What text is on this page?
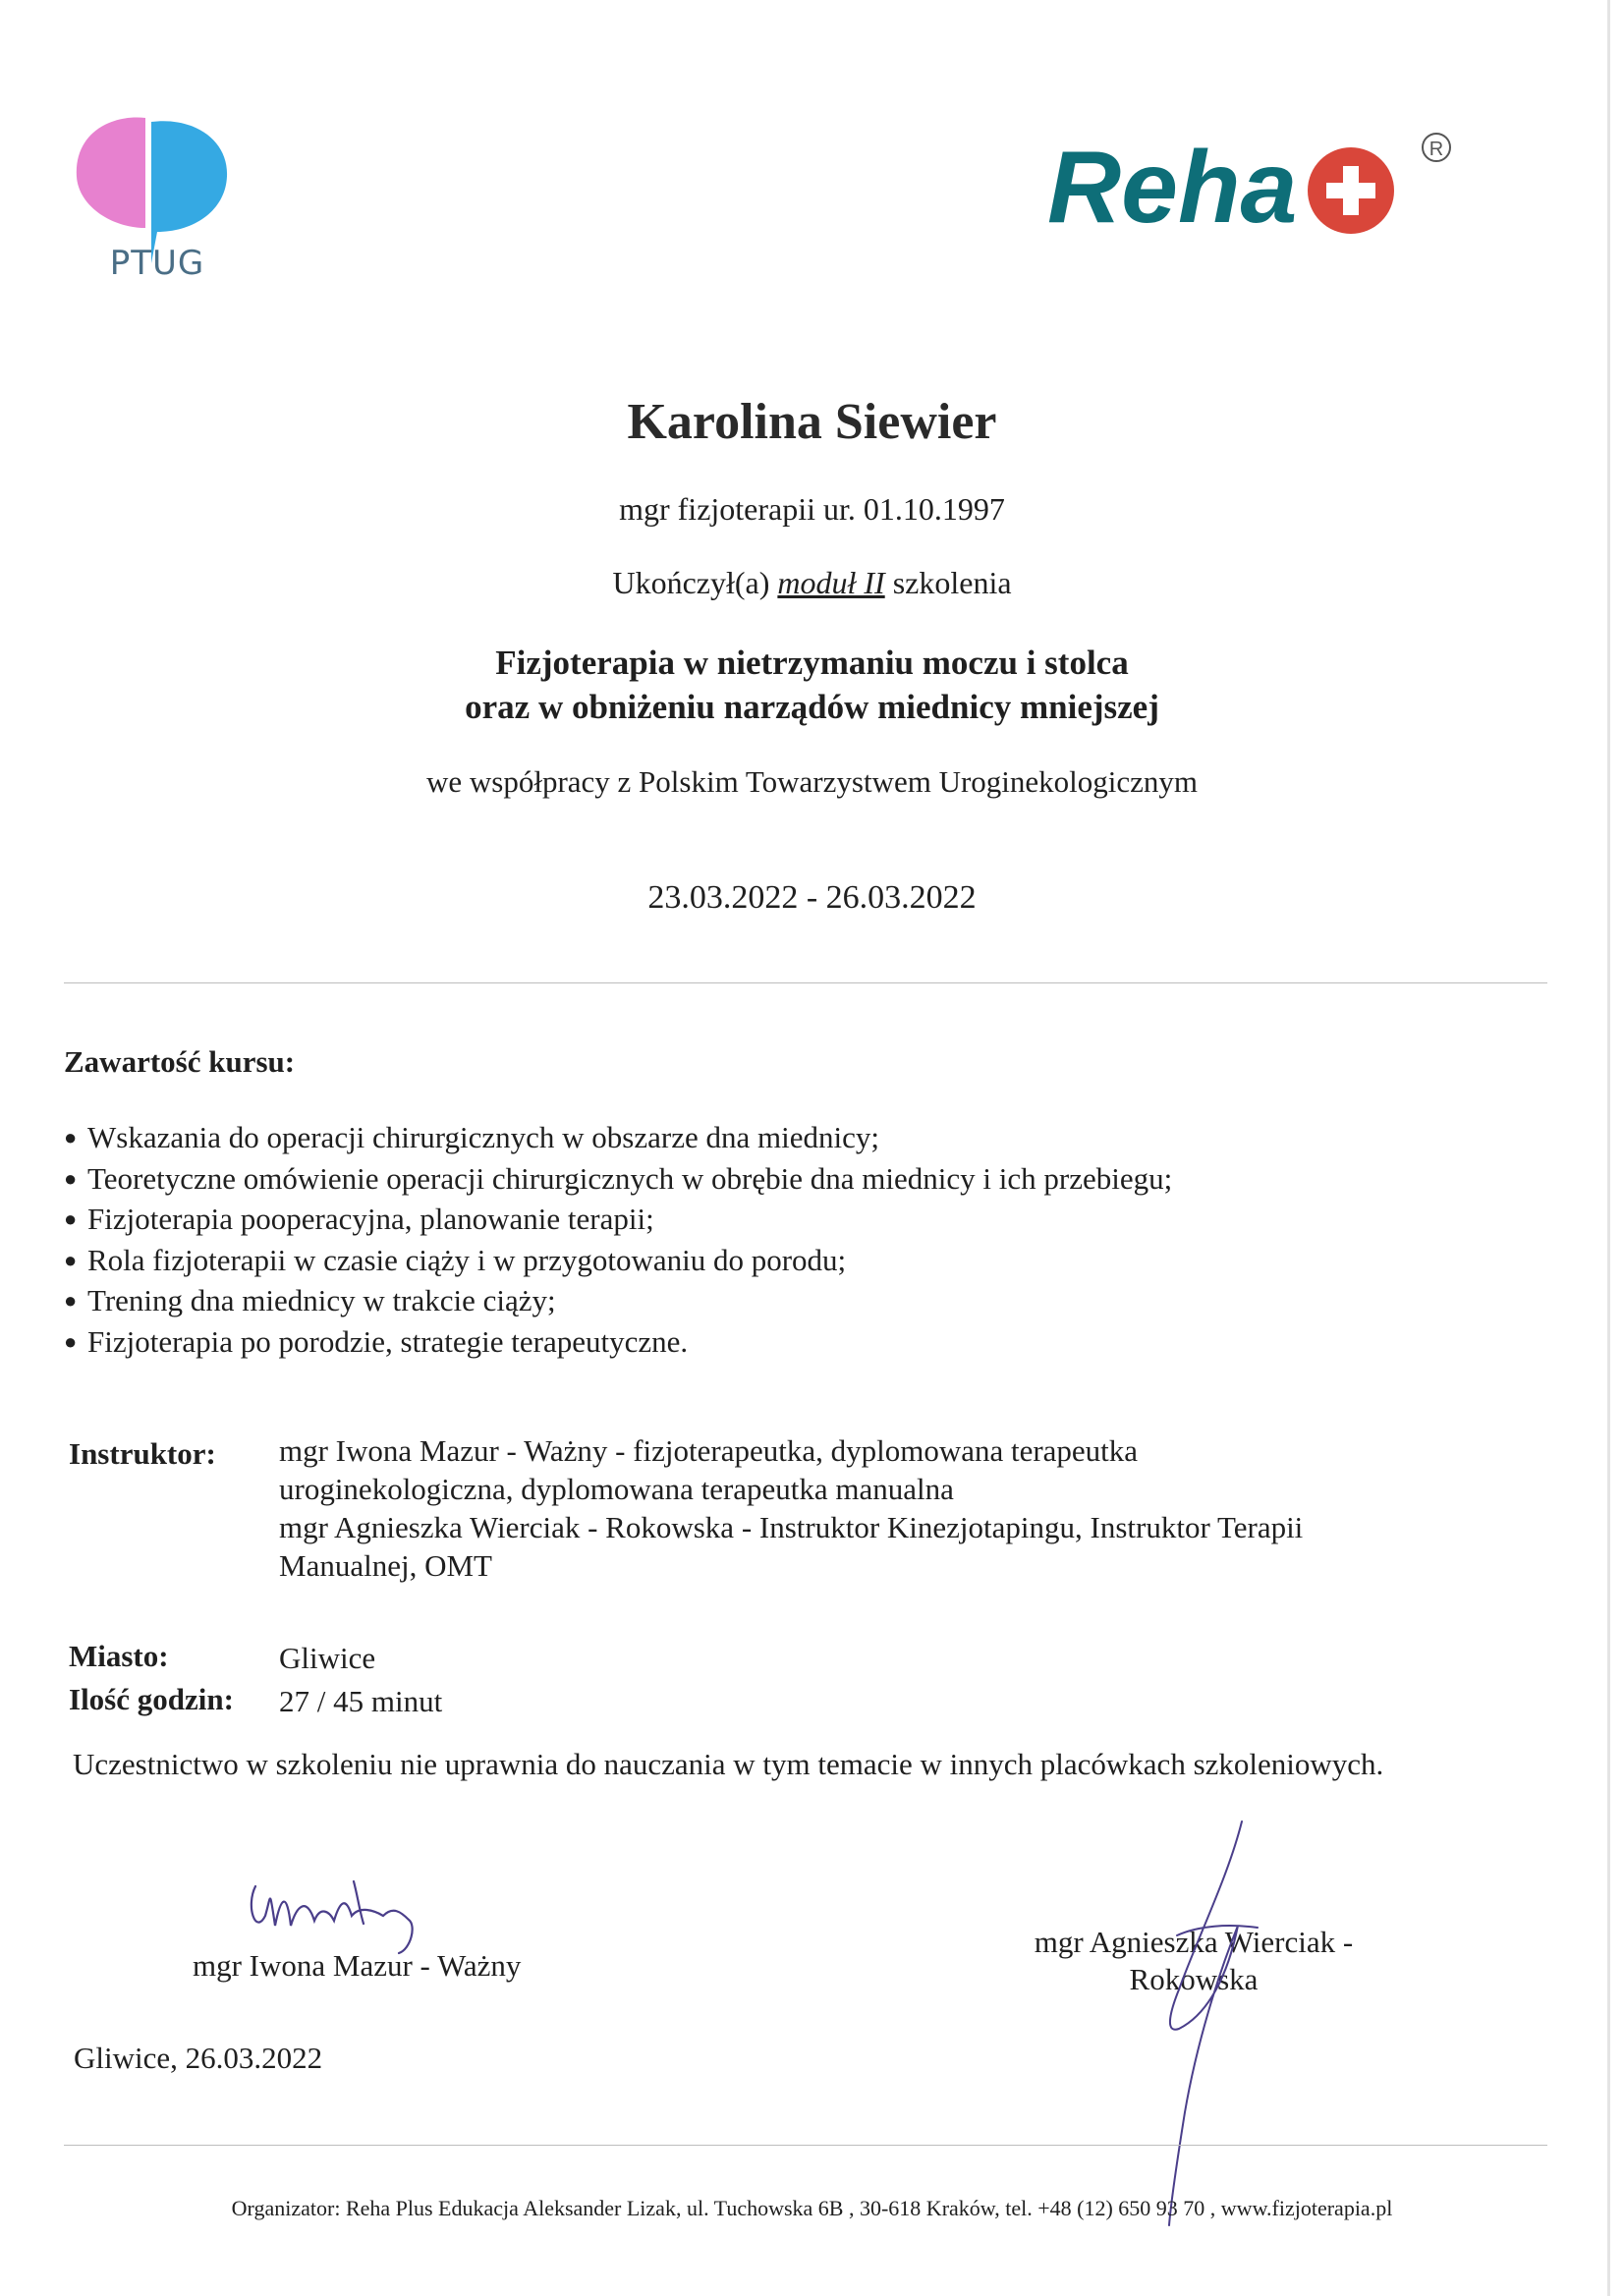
PTUG
Reha	R
Karolina Siewier
mgr fizjoterapii ur. 01.10.1997
Ukończył(a) moduł II szkolenia
Fizjoterapia w nietrzymaniu moczu i stolca
oraz w obniżeniu narządów miednicy mniejszej
we współpracy z Polskim Towarzystwem Uroginekologicznym
23.03.2022 - 26.03.2022
Zawartość kursu:
● Wskazania do operacji chirurgicznych w obszarze dna miednicy;
● Teoretyczne omówienie operacji chirurgicznych w obrębie dna miednicy i ich przebiegu;
● Fizjoterapia pooperacyjna, planowanie terapii;
● Rola fizjoterapii w czasie ciąży i w przygotowaniu do porodu;
● Trening dna miednicy w trakcie ciąży;
● Fizjoterapia po porodzie, strategie terapeutyczne.
Instruktor: mgr Iwona Mazur - Ważny - fizjoterapeutka, dyplomowana terapeutka
uroginekologiczna, dyplomowana terapeutka manualna
mgr Agnieszka Wierciak - Rokowska - Instruktor Kinezjotapingu, Instruktor Terapii
Manualnej, OMT
Miasto:	Gliwice
Ilość godzin: 27 / 45 minut
Uczestnictwo w szkoleniu nie uprawnia do nauczania w tym temacie w innych placówkach szkoleniowych.
mgr Iwona Mazur - Ważny
mgr Agnieszka Wierciak -
Rokowska
Gliwice, 26.03.2022
Organizator: Reha Plus Edukacja Aleksander Lizak, ul. Tuchowska 6B , 30-618 Kraków, tel. +48 (12) 650 93 70 , www.fizjoterapia.pl
